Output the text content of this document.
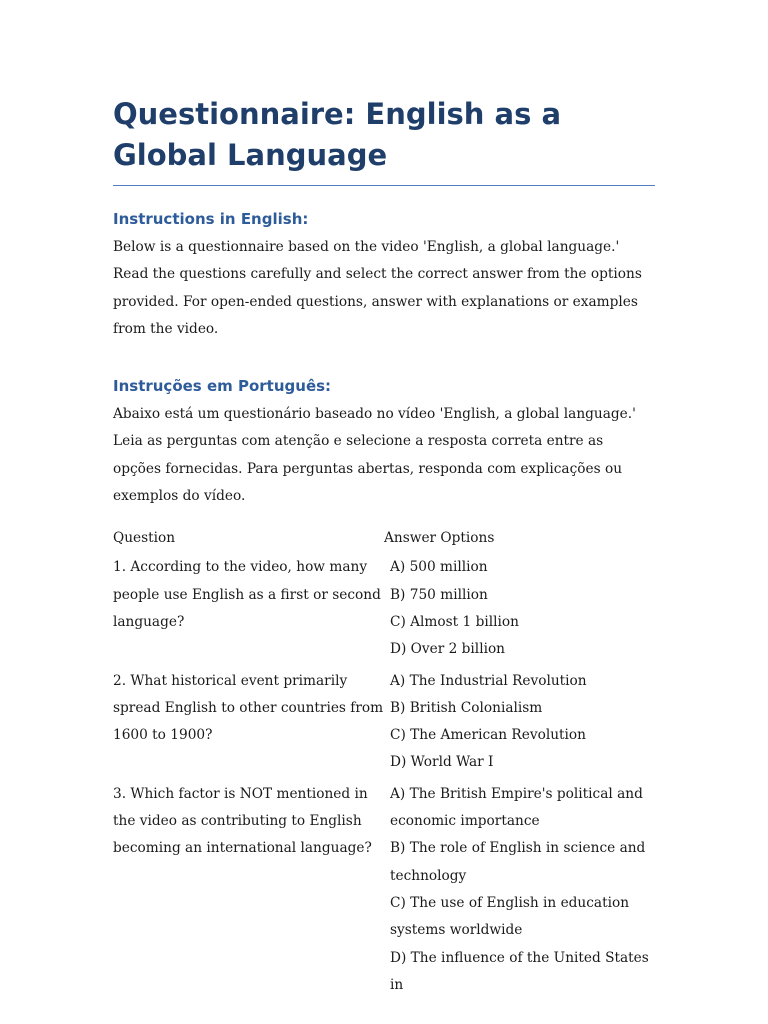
Questionnaire: English as a Global Language
Instructions in English:

Below is a questionnaire based on the video 'English, a global language.' Read the questions carefully and select the correct answer from the options provided. For open-ended questions, answer with explanations or examples from the video.

Instruções em Português:

Abaixo está um questionário baseado no vídeo 'English, a global language.' Leia as perguntas com atenção e selecione a resposta correta entre as opções fornecidas. Para perguntas abertas, responda com explicações ou exemplos do vídeo.

Question	Answer Options
1. According to the video, how many people use English as a first or second language?
A) 500 million
B) 750 million
C) Almost 1 billion
D) Over 2 billion
2. What historical event primarily spread English to other countries from 1600 to 1900?
A) The Industrial Revolution
B) British Colonialism
C) The American Revolution
D) World War I
3. Which factor is NOT mentioned in the video as contributing to English becoming an international language?
A) The British Empire's political and economic importance
B) The role of English in science and technology
C) The use of English in education systems worldwide
D) The influence of the United States in
